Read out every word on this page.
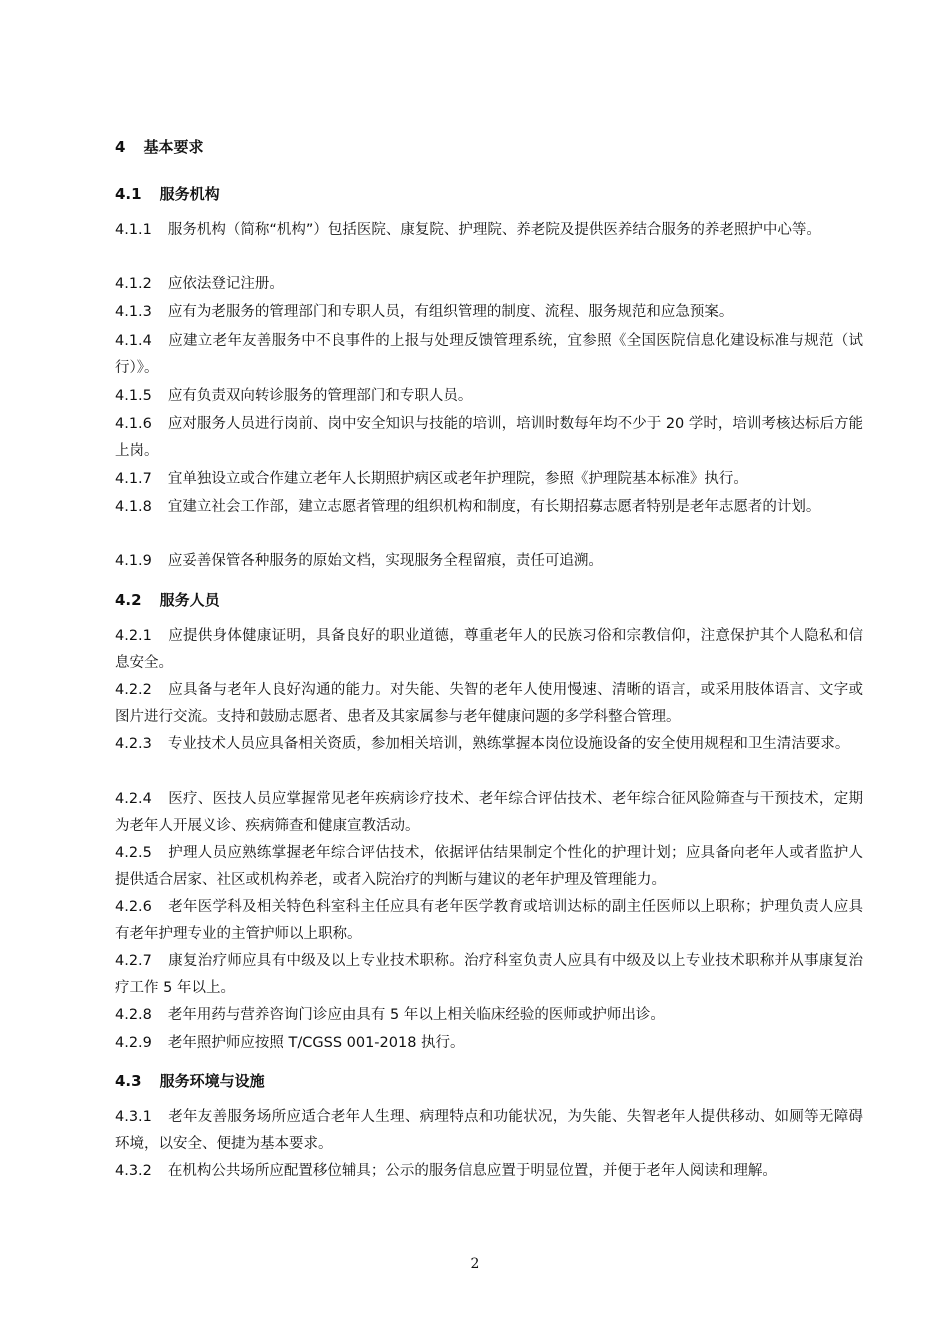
4 基本要求
4.1 服务机构
4.1.1 服务机构（简称“机构”）包括医院、康复院、护理院、养老院及提供医养结合服务的养老照护中心等。
4.1.2 应依法登记注册。
4.1.3 应有为老服务的管理部门和专职人员，有组织管理的制度、流程、服务规范和应急预案。
4.1.4 应建立老年友善服务中不良事件的上报与处理反馈管理系统，宜参照《全国医院信息化建设标准与规范（试行）》。
4.1.5 应有负责双向转诊服务的管理部门和专职人员。
4.1.6 应对服务人员进行岗前、岗中安全知识与技能的培训，培训时数每年均不少于 20 学时，培训考核达标后方能上岗。
4.1.7 宜单独设立或合作建立老年人长期照护病区或老年护理院，参照《护理院基本标准》执行。
4.1.8 宜建立社会工作部，建立志愿者管理的组织机构和制度，有长期招募志愿者特别是老年志愿者的计划。
4.1.9 应妥善保管各种服务的原始文档，实现服务全程留痕，责任可追溯。
4.2 服务人员
4.2.1 应提供身体健康证明，具备良好的职业道德，尊重老年人的民族习俗和宗教信仰，注意保护其个人隐私和信息安全。
4.2.2 应具备与老年人良好沟通的能力。对失能、失智的老年人使用慢速、清晰的语言，或采用肢体语言、文字或图片进行交流。支持和鼓励志愿者、患者及其家属参与老年健康问题的多学科整合管理。
4.2.3 专业技术人员应具备相关资质，参加相关培训，熟练掌握本岗位设施设备的安全使用规程和卫生清洁要求。
4.2.4 医疗、医技人员应掌握常见老年疾病诊疗技术、老年综合评估技术、老年综合征风险筛查与干预技术，定期为老年人开展义诊、疾病筛查和健康宣教活动。
4.2.5 护理人员应熟练掌握老年综合评估技术，依据评估结果制定个性化的护理计划；应具备向老年人或者监护人提供适合居家、社区或机构养老，或者入院治疗的判断与建议的老年护理及管理能力。
4.2.6 老年医学科及相关特色科室科主任应具有老年医学教育或培训达标的副主任医师以上职称；护理负责人应具有老年护理专业的主管护师以上职称。
4.2.7 康复治疗师应具有中级及以上专业技术职称。治疗科室负责人应具有中级及以上专业技术职称并从事康复治疗工作 5 年以上。
4.2.8 老年用药与营养咨询门诊应由具有 5 年以上相关临床经验的医师或护师出诊。
4.2.9 老年照护师应按照 T/CGSS 001-2018 执行。
4.3 服务环境与设施
4.3.1 老年友善服务场所应适合老年人生理、病理特点和功能状况，为失能、失智老年人提供移动、如厕等无障碍环境，以安全、便捷为基本要求。
4.3.2 在机构公共场所应配置移位辅具；公示的服务信息应置于明显位置，并便于老年人阅读和理解。
2
